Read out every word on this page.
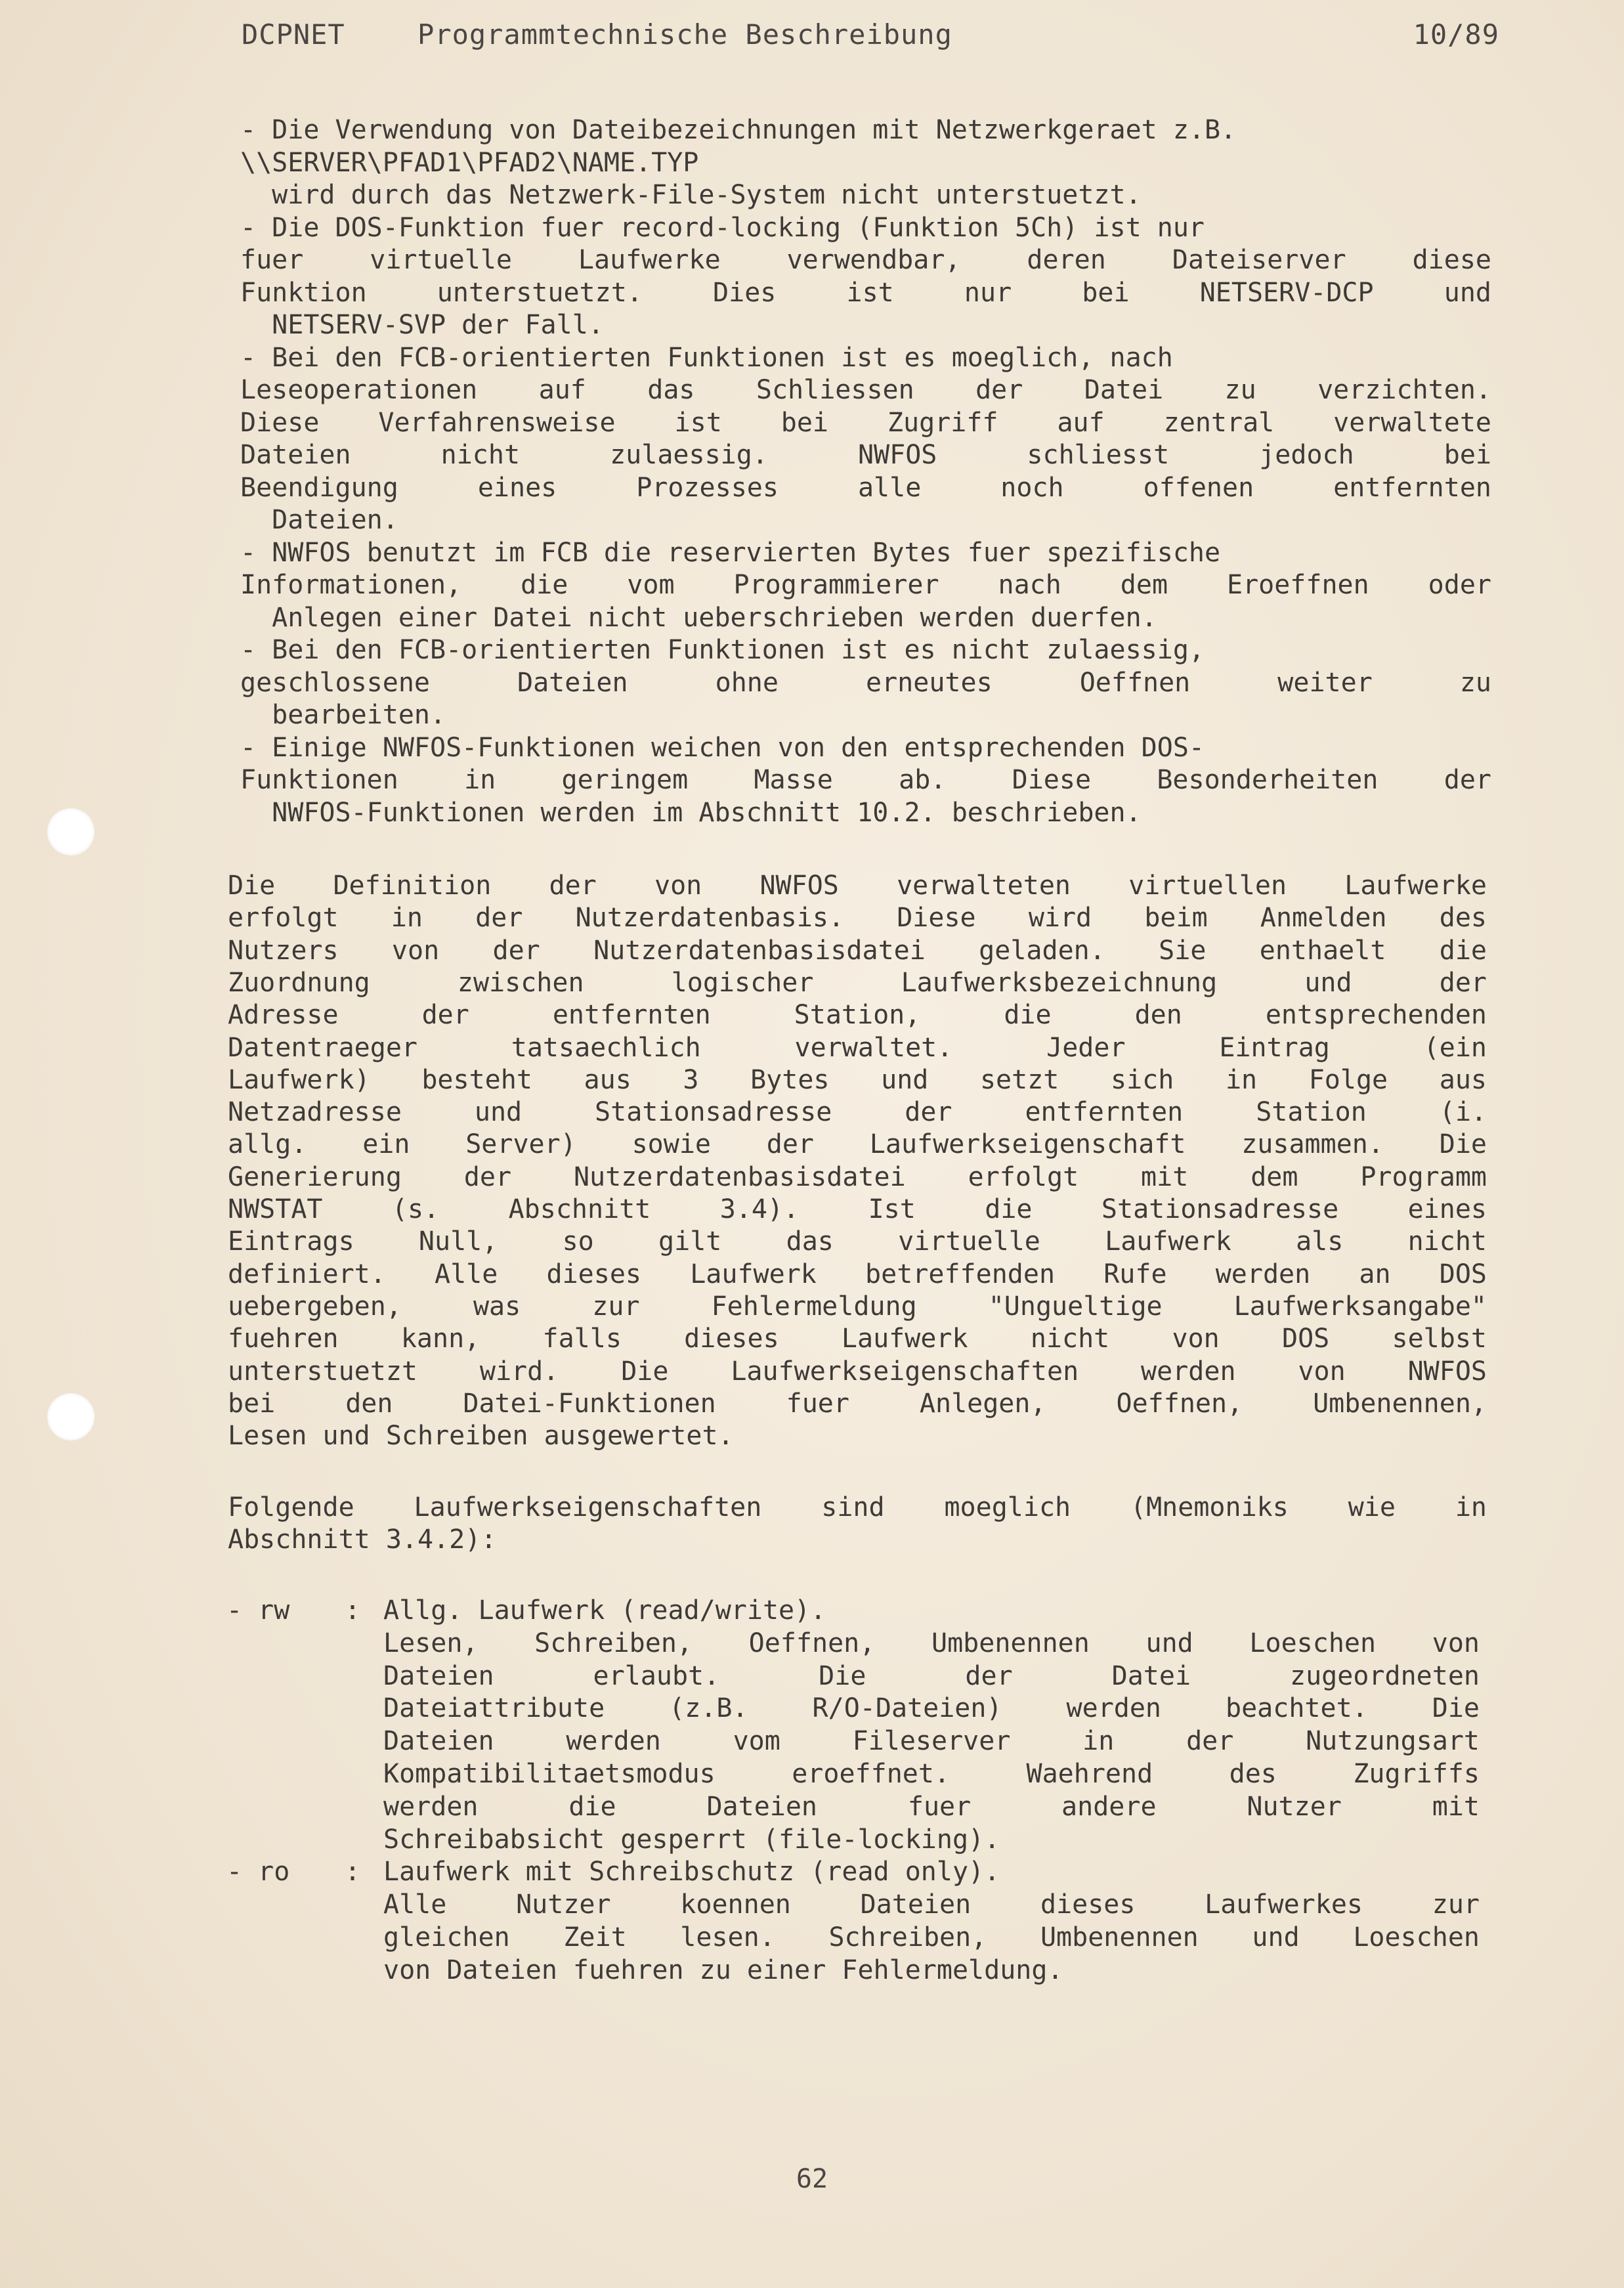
DCPNET	Programmtechnische Beschreibung	10/89
- Die Verwendung von Dateibezeichnungen mit Netzwerkgeraet z.B.
\\SERVER\PFAD1\PFAD2\NAME.TYP
wird durch das Netzwerk-File-System nicht unterstuetzt.
- Die DOS-Funktion fuer record-locking (Funktion 5Ch) ist nur
fuer virtuelle Laufwerke verwendbar, deren Dateiserver diese
Funktion unterstuetzt. Dies ist nur bei NETSERV-DCP und
NETSERV-SVP der Fall.
- Bei den FCB-orientierten Funktionen ist es moeglich, nach
Leseoperationen auf das Schliessen der Datei zu verzichten.
Diese Verfahrensweise ist bei Zugriff auf zentral verwaltete
Dateien nicht zulaessig. NWFOS schliesst jedoch bei
Beendigung eines Prozesses alle noch offenen entfernten
Dateien.
- NWFOS benutzt im FCB die reservierten Bytes fuer spezifische
Informationen, die vom Programmierer nach dem Eroeffnen oder
Anlegen einer Datei nicht ueberschrieben werden duerfen.
- Bei den FCB-orientierten Funktionen ist es nicht zulaessig,
geschlossene Dateien ohne erneutes Oeffnen weiter zu
bearbeiten.
- Einige NWFOS-Funktionen weichen von den entsprechenden DOS-
Funktionen in geringem Masse ab. Diese Besonderheiten der
NWFOS-Funktionen werden im Abschnitt 10.2. beschrieben.
Die Definition der von NWFOS verwalteten virtuellen Laufwerke
erfolgt in der Nutzerdatenbasis. Diese wird beim Anmelden des
Nutzers von der Nutzerdatenbasisdatei geladen. Sie enthaelt die
Zuordnung zwischen logischer Laufwerksbezeichnung und der
Adresse der entfernten Station, die den entsprechenden
Datentraeger tatsaechlich verwaltet. Jeder Eintrag (ein
Laufwerk) besteht aus 3 Bytes und setzt sich in Folge aus
Netzadresse und Stationsadresse der entfernten Station (i.
allg. ein Server) sowie der Laufwerkseigenschaft zusammen. Die
Generierung der Nutzerdatenbasisdatei erfolgt mit dem Programm
NWSTAT (s. Abschnitt 3.4). Ist die Stationsadresse eines
Eintrags Null, so gilt das virtuelle Laufwerk als nicht
definiert. Alle dieses Laufwerk betreffenden Rufe werden an DOS
uebergeben, was zur Fehlermeldung "Ungueltige Laufwerksangabe"
fuehren kann, falls dieses Laufwerk nicht von DOS selbst
unterstuetzt wird. Die Laufwerkseigenschaften werden von NWFOS
bei den Datei-Funktionen fuer Anlegen, Oeffnen, Umbenennen,
Lesen und Schreiben ausgewertet.
Folgende Laufwerkseigenschaften sind moeglich (Mnemoniks wie in
Abschnitt 3.4.2):
- rw : Allg. Laufwerk (read/write).
Lesen, Schreiben, Oeffnen, Umbenennen und Loeschen von
Dateien erlaubt. Die der Datei zugeordneten
Dateiattribute (z.B. R/O-Dateien) werden beachtet. Die
Dateien werden vom Fileserver in der Nutzungsart
Kompatibilitaetsmodus eroeffnet. Waehrend des Zugriffs
werden die Dateien fuer andere Nutzer mit
Schreibabsicht gesperrt (file-locking).
- ro : Laufwerk mit Schreibschutz (read only).
Alle Nutzer koennen Dateien dieses Laufwerkes zur
gleichen Zeit lesen. Schreiben, Umbenennen und Loeschen
von Dateien fuehren zu einer Fehlermeldung.
62
